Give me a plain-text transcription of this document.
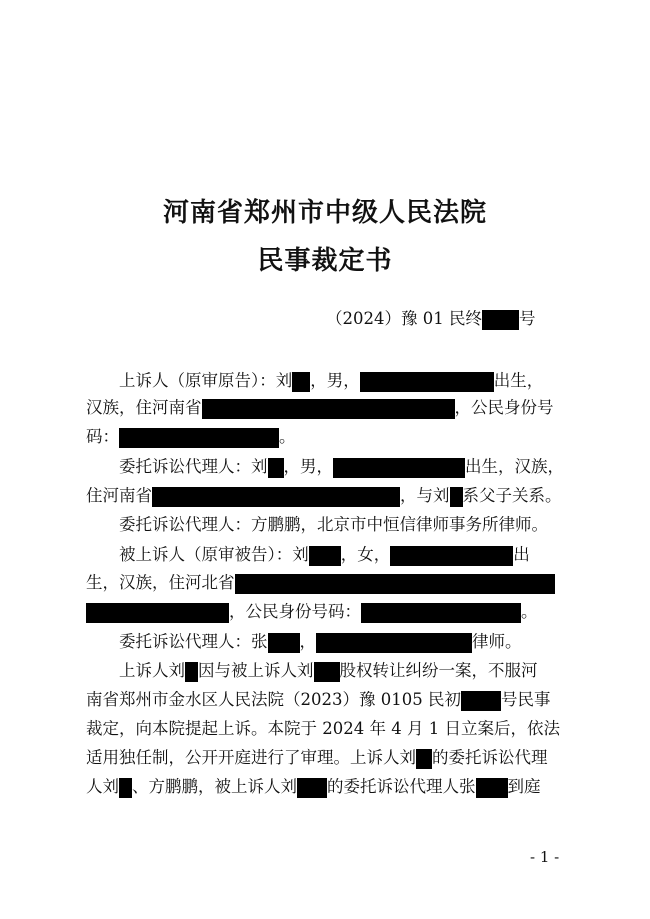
河南省郑州市中级人民法院
民事裁定书
（2024）豫 01 民终 号
上诉人（原审原告）：刘 ，男，	出生，
汉族，住河南省	，公民身份号
码：	。
委托诉讼代理人：刘 ，男，	出生，汉族，
住河南省	，与刘 系父子关系。
委托诉讼代理人：方鹏鹏，北京市中恒信律师事务所律师。
被上诉人（原审被告）：刘 ，女，	出
生，汉族，住河北省
，公民身份号码：	。
委托诉讼代理人：张 ，	律师。
上诉人刘 因与被上诉人刘 股权转让纠纷一案，不服河
南省郑州市金水区人民法院（2023）豫 0105 民初 号民事
裁定，向本院提起上诉。本院于 2024 年 4 月 1 日立案后，依法
适用独任制，公开开庭进行了审理。上诉人刘 的委托诉讼代理
人刘 、方鹏鹏，被上诉人刘 的委托诉讼代理人张 到庭
- 1 -
